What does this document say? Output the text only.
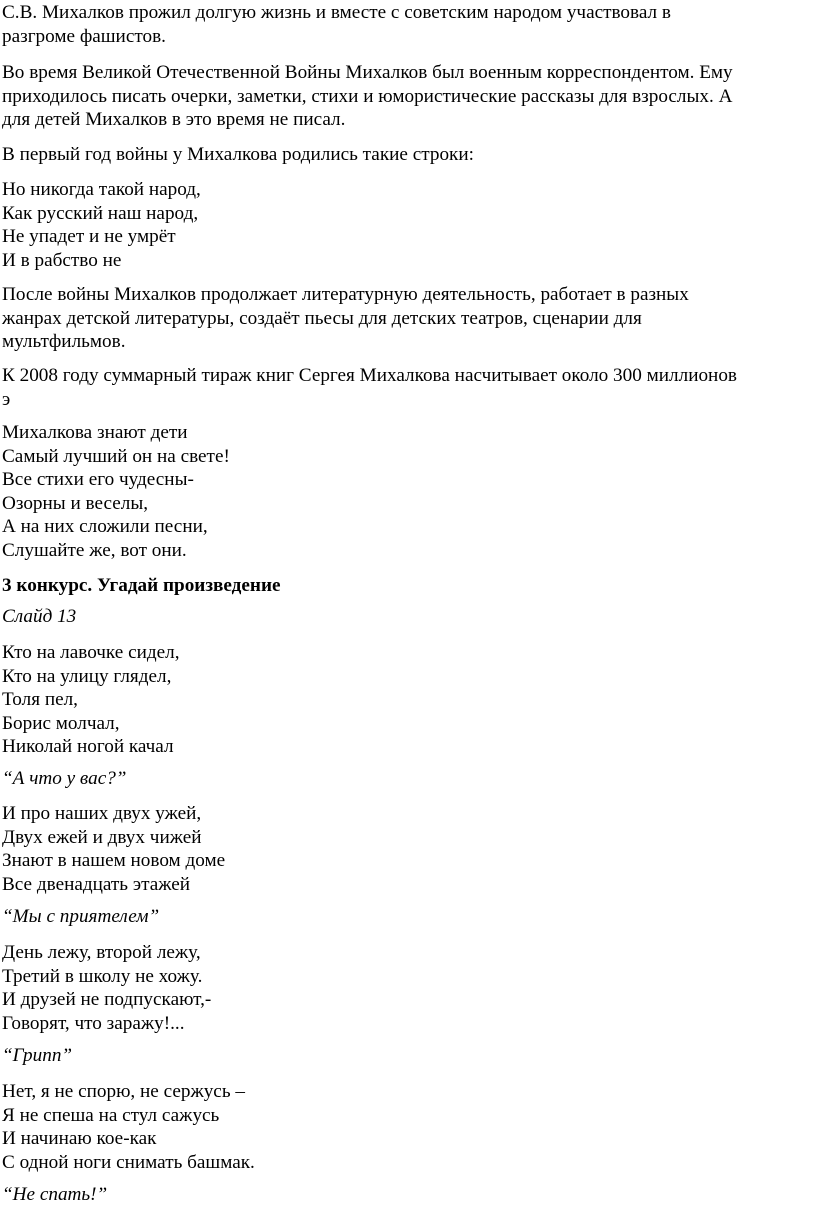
С.В. Михалков прожил долгую жизнь и вместе с советским народом участвовал в
разгроме фашистов.

Во время Великой Отечественной Войны Михалков был военным корреспондентом. Ему
приходилось писать очерки, заметки, стихи и юмористические рассказы для взрослых. А
для детей Михалков в это время не писал.

В первый год войны у Михалкова родились такие строки:

Но никогда такой народ,
Как русский наш народ,
Не упадет и не умрёт
И в рабство не

После войны Михалков продолжает литературную деятельность, работает в разных
жанрах детской литературы, создаёт пьесы для детских театров, сценарии для
мультфильмов.

К 2008 году суммарный тираж книг Сергея Михалкова насчитывает около 300 миллионов
э

Михалкова знают дети
Самый лучший он на свете!
Все стихи его чудесны-
Озорны и веселы,
А на них сложили песни,
Слушайте же, вот они.

3 конкурс. Угадай произведение

Слайд 13

Кто на лавочке сидел,
Кто на улицу глядел,
Толя пел,
Борис молчал,
Николай ногой качал

“А что у вас?”

И про наших двух ужей,
Двух ежей и двух чижей
Знают в нашем новом доме
Все двенадцать этажей

“Мы с приятелем”

День лежу, второй лежу,
Третий в школу не хожу.
И друзей не подпускают,-
Говорят, что заражу!...

“Грипп”

Нет, я не спорю, не сержусь –
Я не спеша на стул сажусь
И начинаю кое-как
С одной ноги снимать башмак.

“Не спать!”
